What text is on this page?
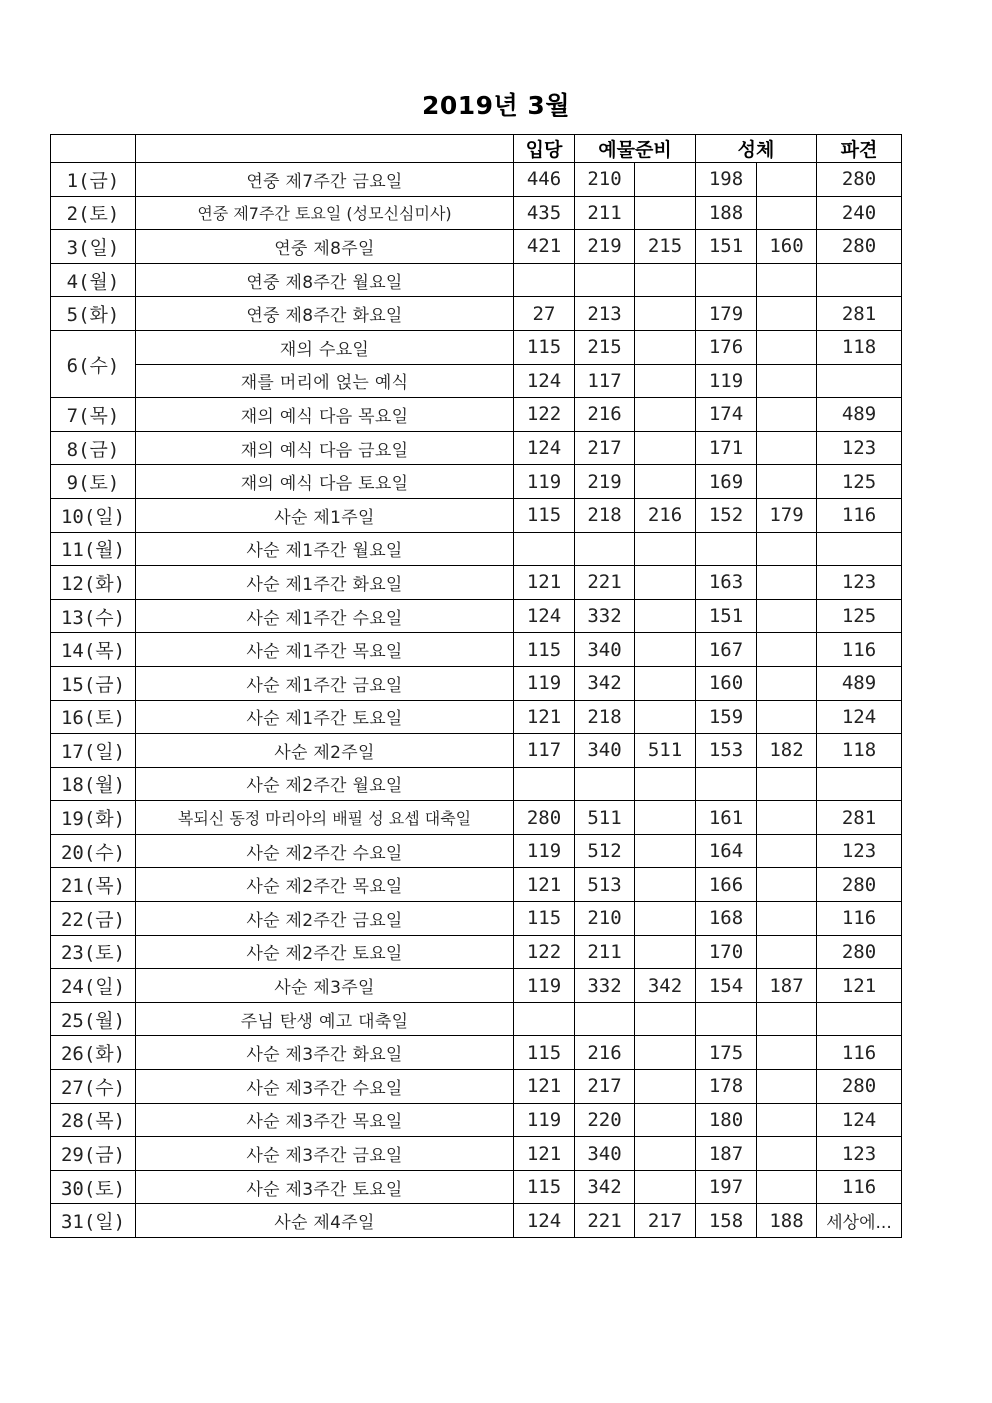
2019년 3월
		입당	예물준비		성체		파견
1(금)	연중 제7주간 금요일	446	210		198		280
2(토)	연중 제7주간 토요일 (성모신심미사)	435	211		188		240
3(일)	연중 제8주일	421	219	215	151	160	280
4(월)	연중 제8주간 월요일						
5(화)	연중 제8주간 화요일	27	213		179		281
6(수)	재의 수요일	115	215		176		118
	재를 머리에 얹는 예식	124	117		119		
7(목)	재의 예식 다음 목요일	122	216		174		489
8(금)	재의 예식 다음 금요일	124	217		171		123
9(토)	재의 예식 다음 토요일	119	219		169		125
10(일)	사순 제1주일	115	218	216	152	179	116
11(월)	사순 제1주간 월요일						
12(화)	사순 제1주간 화요일	121	221		163		123
13(수)	사순 제1주간 수요일	124	332		151		125
14(목)	사순 제1주간 목요일	115	340		167		116
15(금)	사순 제1주간 금요일	119	342		160		489
16(토)	사순 제1주간 토요일	121	218		159		124
17(일)	사순 제2주일	117	340	511	153	182	118
18(월)	사순 제2주간 월요일						
19(화)	복되신 동정 마리아의 배필 성 요셉 대축일	280	511		161		281
20(수)	사순 제2주간 수요일	119	512		164		123
21(목)	사순 제2주간 목요일	121	513		166		280
22(금)	사순 제2주간 금요일	115	210		168		116
23(토)	사순 제2주간 토요일	122	211		170		280
24(일)	사순 제3주일	119	332	342	154	187	121
25(월)	주님 탄생 예고 대축일						
26(화)	사순 제3주간 화요일	115	216		175		116
27(수)	사순 제3주간 수요일	121	217		178		280
28(목)	사순 제3주간 목요일	119	220		180		124
29(금)	사순 제3주간 금요일	121	340		187		123
30(토)	사순 제3주간 토요일	115	342		197		116
31(일)	사순 제4주일	124	221	217	158	188	세상에...
